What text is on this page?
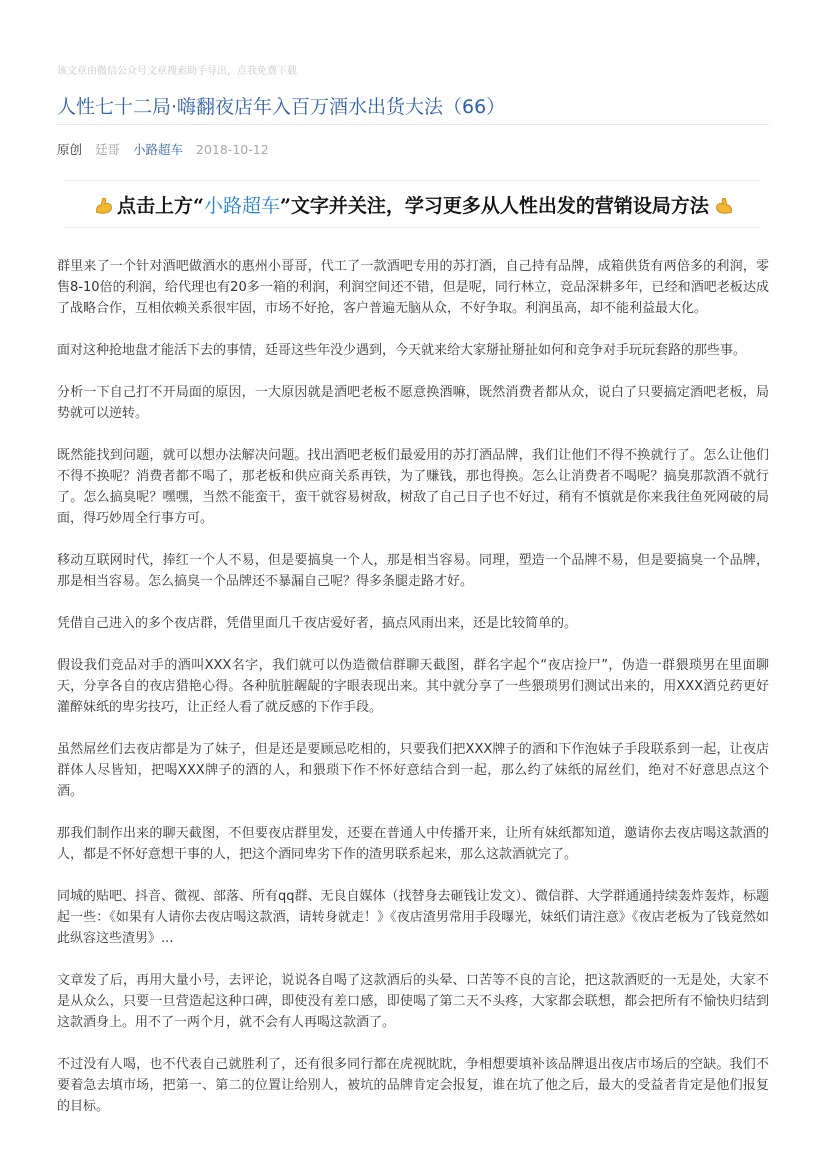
该文章由微信公众号文章搜索助手导出，点我免费下载
人性七十二局·嗨翻夜店年入百万酒水出货大法（66）
原创 廷哥 小路超车 2018-10-12
点击上方“ 小路超车 ”文字并关注，学习更多从人性出发的营销设局方法

群里来了一个针对酒吧做酒水的惠州小哥哥，代工了一款酒吧专用的苏打酒，自己持有品牌，成箱供货有两倍多的利润，零售8-10倍的利润，给代理也有20多一箱的利润，利润空间还不错，但是呢，同行林立，竞品深耕多年，已经和酒吧老板达成了战略合作，互相依赖关系很牢固，市场不好抢，客户普遍无脑从众，不好争取。利润虽高，却不能利益最大化。

面对这种抢地盘才能活下去的事情，廷哥这些年没少遇到，今天就来给大家掰扯掰扯如何和竞争对手玩玩套路的那些事。

分析一下自己打不开局面的原因，一大原因就是酒吧老板不愿意换酒嘛，既然消费者都从众，说白了只要搞定酒吧老板，局势就可以逆转。

既然能找到问题，就可以想办法解决问题。找出酒吧老板们最爱用的苏打酒品牌，我们让他们不得不换就行了。怎么让他们不得不换呢？消费者都不喝了，那老板和供应商关系再铁，为了赚钱，那也得换。怎么让消费者不喝呢？搞臭那款酒不就行了。怎么搞臭呢？嘿嘿，当然不能蛮干，蛮干就容易树敌，树敌了自己日子也不好过，稍有不慎就是你来我往鱼死网破的局面，得巧妙周全行事方可。

移动互联网时代，捧红一个人不易，但是要搞臭一个人，那是相当容易。同理，塑造一个品牌不易，但是要搞臭一个品牌，那是相当容易。怎么搞臭一个品牌还不暴漏自己呢？得多条腿走路才好。

凭借自己进入的多个夜店群，凭借里面几千夜店爱好者，搞点风雨出来，还是比较简单的。

假设我们竞品对手的酒叫XXX名字，我们就可以伪造微信群聊天截图，群名字起个“夜店捡尸”，伪造一群猥琐男在里面聊天，分享各自的夜店猎艳心得。各种肮脏龌龊的字眼表现出来。其中就分享了一些猥琐男们测试出来的，用XXX酒兑药更好灌醉妹纸的卑劣技巧，让正经人看了就反感的下作手段。

虽然屌丝们去夜店都是为了妹子，但是还是要顾忌吃相的，只要我们把XXX牌子的酒和下作泡妹子手段联系到一起，让夜店群体人尽皆知，把喝XXX牌子的酒的人，和猥琐下作不怀好意结合到一起，那么约了妹纸的屌丝们，绝对不好意思点这个酒。

那我们制作出来的聊天截图，不但要夜店群里发，还要在普通人中传播开来，让所有妹纸都知道，邀请你去夜店喝这款酒的人，都是不怀好意想干事的人，把这个酒同卑劣下作的渣男联系起来，那么这款酒就完了。

同城的贴吧、抖音、微视、部落、所有qq群、无良自媒体（找替身去砸钱让发文）、微信群、大学群通通持续轰炸轰炸，标题起一些：《如果有人请你去夜店喝这款酒，请转身就走！》《夜店渣男常用手段曝光，妹纸们请注意》《夜店老板为了钱竟然如此纵容这些渣男》...

文章发了后，再用大量小号，去评论，说说各自喝了这款酒后的头晕、口苦等不良的言论，把这款酒贬的一无是处，大家不是从众么，只要一旦营造起这种口碑，即使没有差口感，即使喝了第二天不头疼，大家都会联想，都会把所有不愉快归结到这款酒身上。用不了一两个月，就不会有人再喝这款酒了。

不过没有人喝，也不代表自己就胜利了，还有很多同行都在虎视眈眈，争相想要填补该品牌退出夜店市场后的空缺。我们不要着急去填市场，把第一、第二的位置让给别人，被坑的品牌肯定会报复，谁在坑了他之后，最大的受益者肯定是他们报复的目标。
